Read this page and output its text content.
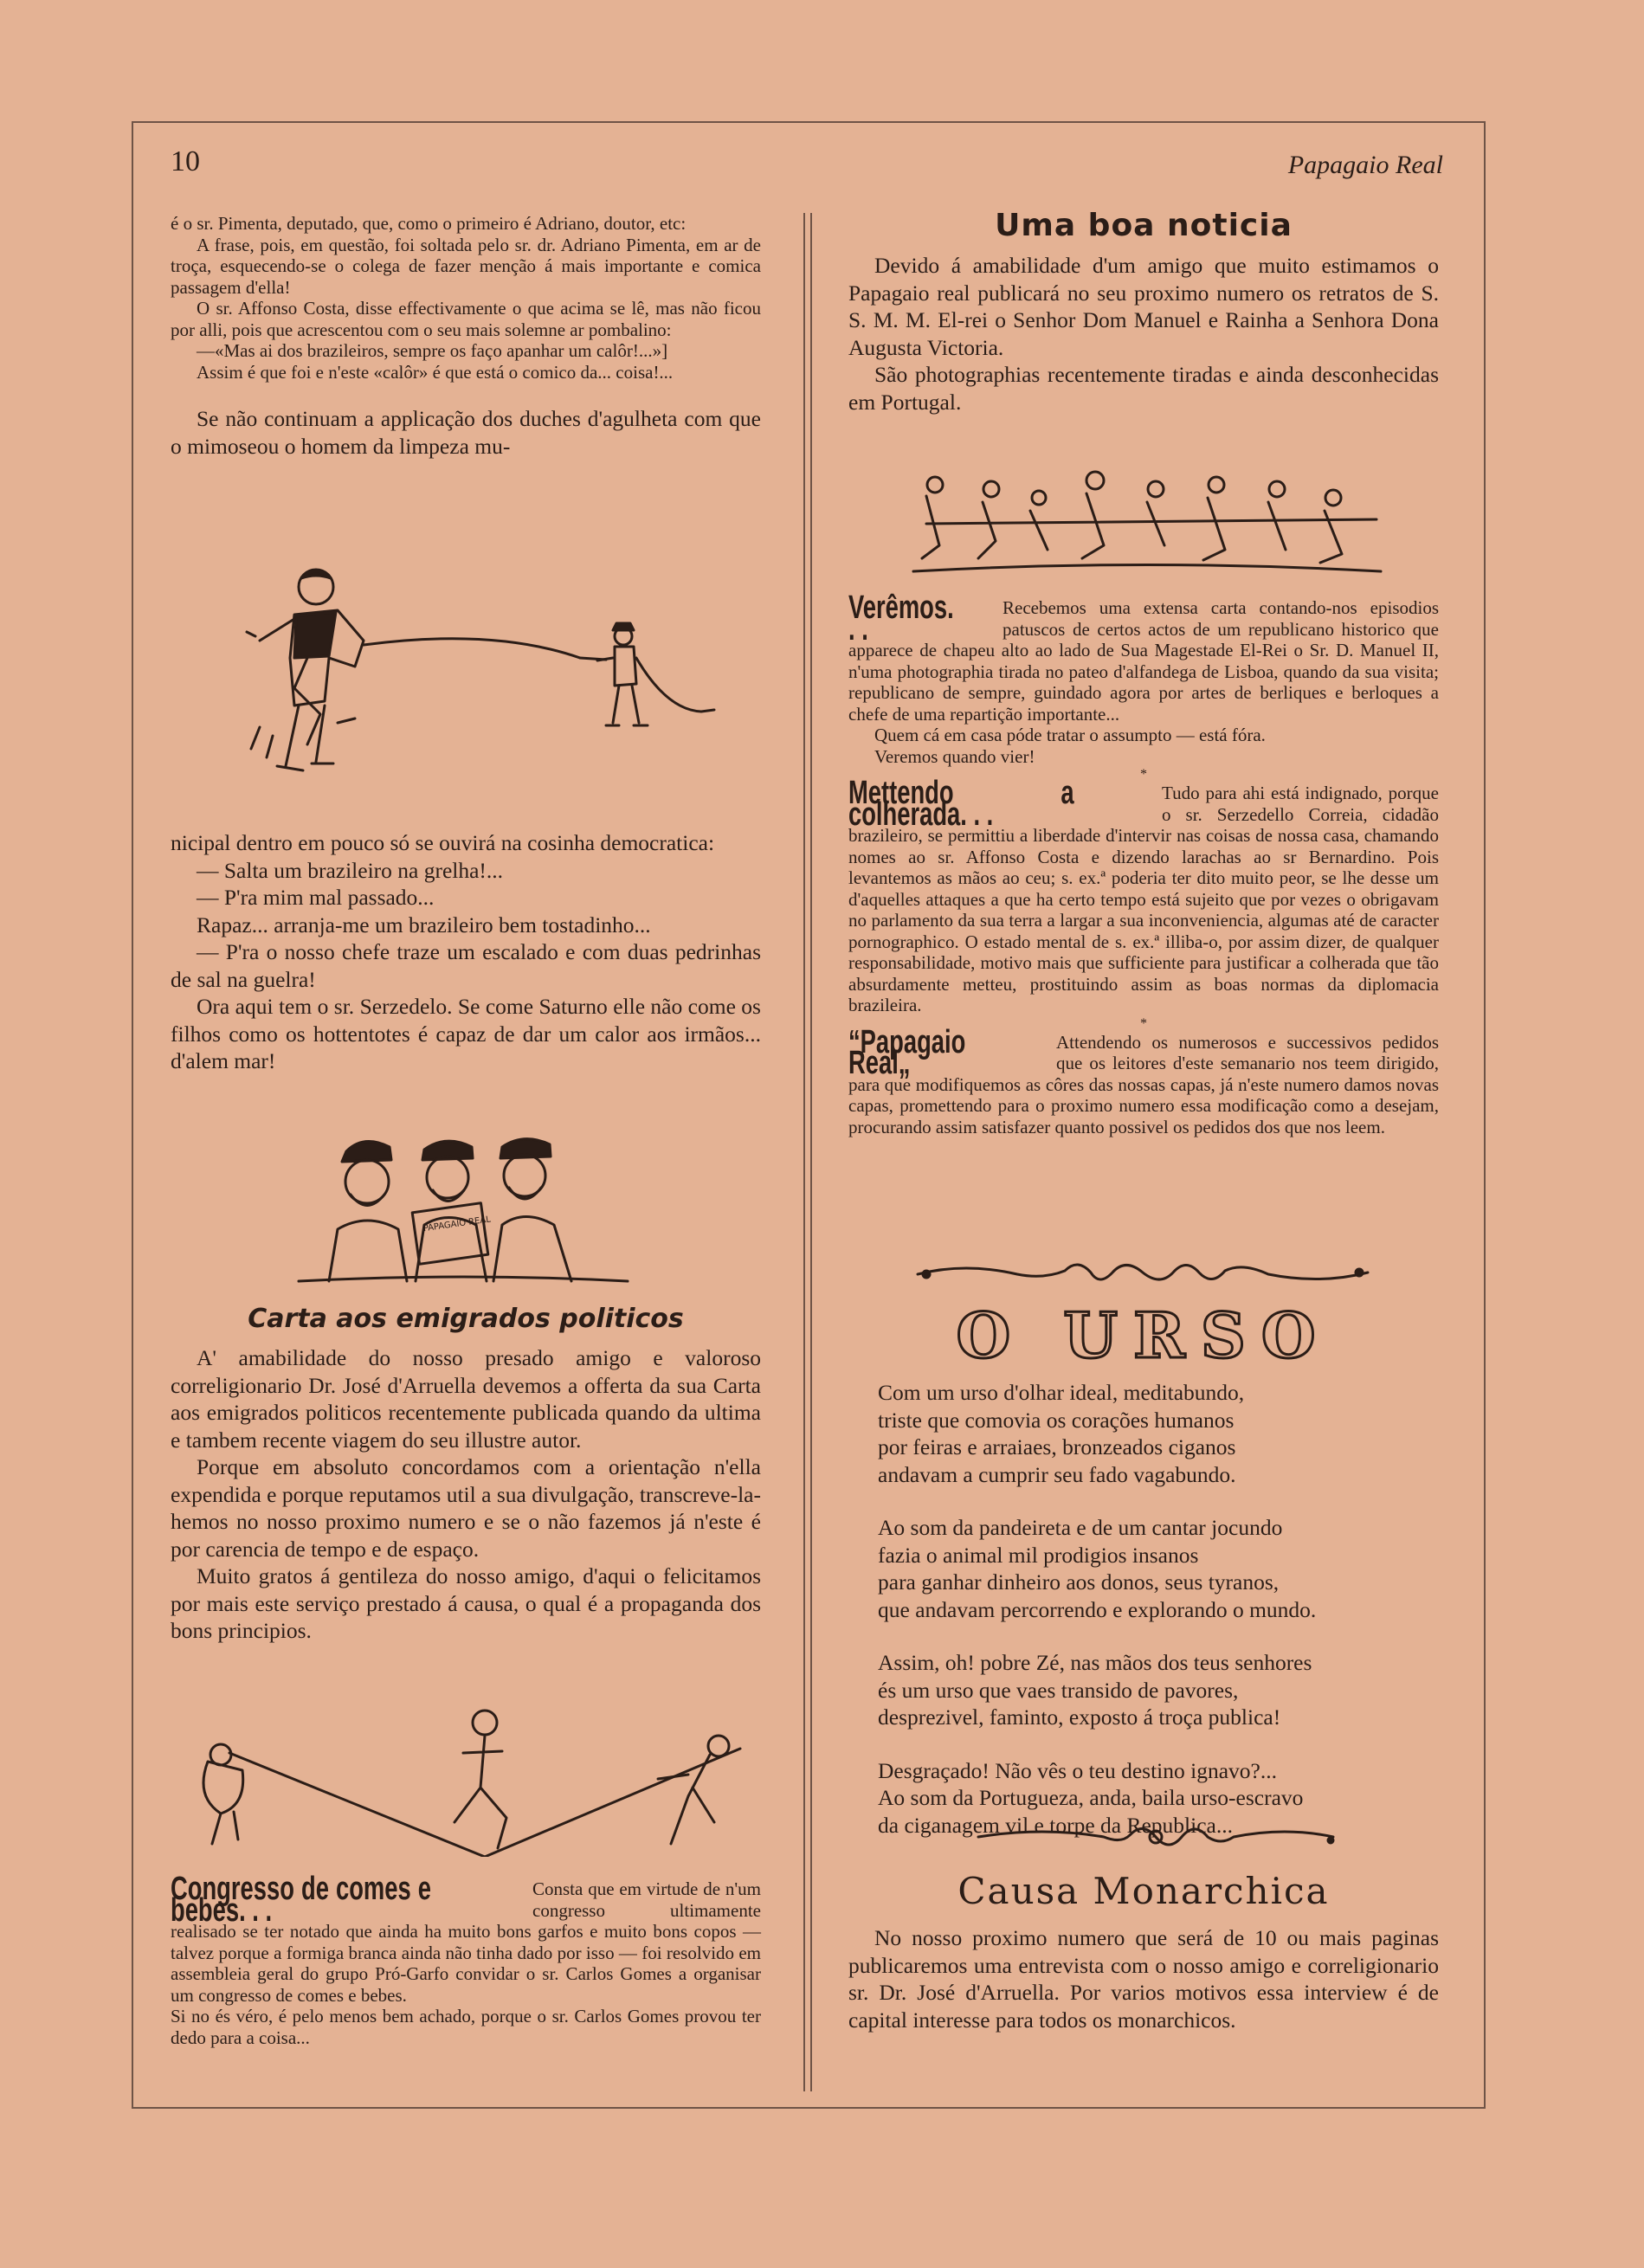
10	Papagaio Real

é o sr. Pimenta, deputado, que, como o primeiro é Adriano, doutor, etc:

A frase, pois, em questão, foi soltada pelo sr. dr. Adriano Pimenta, em ar de troça, esquecendo-se o colega de fazer menção á mais importante e comica passagem d'ella!

O sr. Affonso Costa, disse effectivamente o que acima se lê, mas não ficou por alli, pois que acrescentou com o seu mais solemne ar pombalino:

—«Mas ai dos brazileiros, sempre os faço apanhar um calôr!...»]

Assim é que foi e n'este «calôr» é que está o comico da... coisa!...

Se não continuam a applicação dos duches d'agulheta com que o mimoseou o homem da limpeza mu-

nicipal dentro em pouco só se ouvirá na cosinha democratica:

— Salta um brazileiro na grelha!...

— P'ra mim mal passado...

Rapaz... arranja-me um brazileiro bem tostadinho...

— P'ra o nosso chefe traze um escalado e com duas pedrinhas de sal na guelra!

Ora aqui tem o sr. Serzedelo. Se come Saturno elle não come os filhos como os hottentotes é capaz de dar um calor aos irmãos... d'alem mar!

PAPAGAIO REAL

Carta aos emigrados politicos

A' amabilidade do nosso presado amigo e valoroso correligionario Dr. José d'Arruella devemos a offerta da sua Carta aos emigrados politicos recentemente publicada quando da ultima e tambem recente viagem do seu illustre autor.

Porque em absoluto concordamos com a orientação n'ella expendida e porque reputamos util a sua divulgação, transcreve-la-hemos no nosso proximo numero e se o não fazemos já n'este é por carencia de tempo e de espaço.

Muito gratos á gentileza do nosso amigo, d'aqui o felicitamos por mais este serviço prestado á causa, o qual é a propaganda dos bons principios.

Congresso de comes e bebes. . .
Consta que em virtude de n'um congresso ultimamente realisado se ter notado que ainda ha muito bons garfos e muito bons copos — talvez porque a formiga branca ainda não tinha dado por isso — foi resolvido em assembleia geral do grupo Pró-Garfo convidar o sr. Carlos Gomes a organisar um congresso de comes e bebes.

Si no és véro, é pelo menos bem achado, porque o sr. Carlos Gomes provou ter dedo para a coisa...

Uma boa noticia

Devido á amabilidade d'um amigo que muito estimamos o Papagaio real publicará no seu proximo numero os retratos de S. S. M. M. El-rei o Senhor Dom Manuel e Rainha a Senhora Dona Augusta Victoria.

São photographias recentemente tiradas e ainda desconhecidas em Portugal.

Verêmos. . .
Recebemos uma extensa carta contando-nos episodios patuscos de certos actos de um republicano historico que apparece de chapeu alto ao lado de Sua Magestade El-Rei o Sr. D. Manuel II, n'uma photographia tirada no pateo d'alfandega de Lisboa, quando da sua visita; republicano de sempre, guindado agora por artes de berliques e berloques a chefe de uma repartição importante...

Quem cá em casa póde tratar o assumpto — está fóra.

Veremos quando vier!

*

Mettendo a colherada. . .
Tudo para ahi está indignado, porque o sr. Serzedello Correia, cidadão brazileiro, se permittiu a liberdade d'intervir nas coisas de nossa casa, chamando nomes ao sr. Affonso Costa e dizendo larachas ao sr Bernardino. Pois levantemos as mãos ao ceu; s. ex.ª poderia ter dito muito peor, se lhe desse um d'aquelles attaques a que ha certo tempo está sujeito que por vezes o obrigavam no parlamento da sua terra a largar a sua inconveniencia, algumas até de caracter pornographico. O estado mental de s. ex.ª illiba-o, por assim dizer, de qualquer responsabilidade, motivo mais que sufficiente para justificar a colherada que tão absurdamente metteu, prostituindo assim as boas normas da diplomacia brazileira.

*

“Papagaio Real„
Attendendo os numerosos e successivos pedidos que os leitores d'este semanario nos teem dirigido, para que modifiquemos as côres das nossas capas, já n'este numero damos novas capas, promettendo para o proximo numero essa modificação como a desejam, procurando assim satisfazer quanto possivel os pedidos dos que nos leem.

O URSO

Com um urso d'olhar ideal, meditabundo,

triste que comovia os corações humanos

por feiras e arraiaes, bronzeados ciganos

andavam a cumprir seu fado vagabundo.

Ao som da pandeireta e de um cantar jocundo

fazia o animal mil prodigios insanos

para ganhar dinheiro aos donos, seus tyranos,

que andavam percorrendo e explorando o mundo.

Assim, oh! pobre Zé, nas mãos dos teus senhores

és um urso que vaes transido de pavores,

desprezivel, faminto, exposto á troça publica!

Desgraçado! Não vês o teu destino ignavo?...

Ao som da Portugueza, anda, baila urso-escravo

da ciganagem vil e torpe da Republica...

Causa Monarchica

No nosso proximo numero que será de 10 ou mais paginas publicaremos uma entrevista com o nosso amigo e correligionario sr. Dr. José d'Arruella. Por varios motivos essa interview é de capital interesse para todos os monarchicos.
